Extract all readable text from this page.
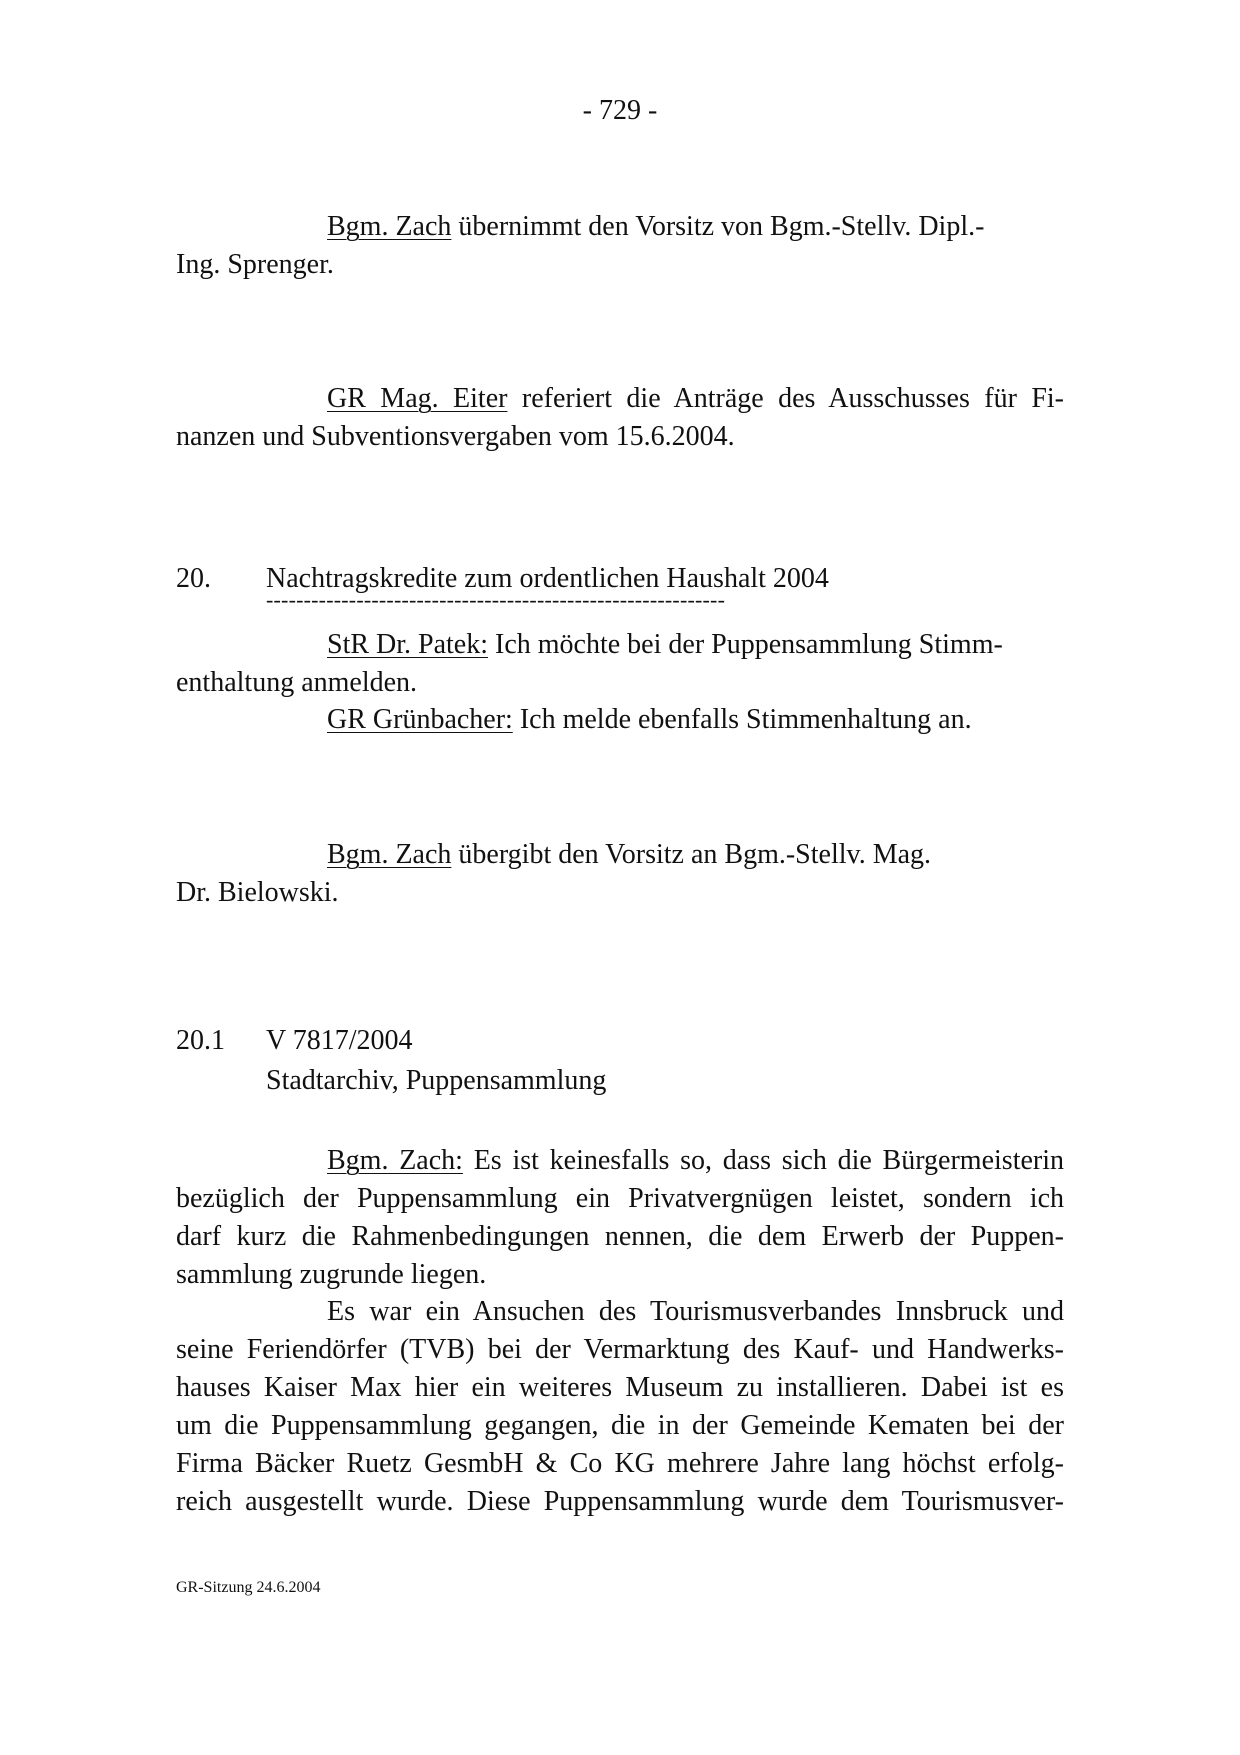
- 729 -
Bgm. Zach übernimmt den Vorsitz von Bgm.-Stellv. Dipl.-
Ing. Sprenger.
GR Mag. Eiter referiert die Anträge des Ausschusses für Fi-
nanzen und Subventionsvergaben vom 15.6.2004.
20. Nachtragskredite zum ordentlichen Haushalt 2004
-------------------------------------------------------------
StR Dr. Patek: Ich möchte bei der Puppensammlung Stimm-
enthaltung anmelden.
GR Grünbacher: Ich melde ebenfalls Stimmenhaltung an.
Bgm. Zach übergibt den Vorsitz an Bgm.-Stellv. Mag.
Dr. Bielowski.
20.1 V 7817/2004
Stadtarchiv, Puppensammlung
Bgm. Zach: Es ist keinesfalls so, dass sich die Bürgermeisterin
bezüglich der Puppensammlung ein Privatvergnügen leistet, sondern ich
darf kurz die Rahmenbedingungen nennen, die dem Erwerb der Puppen-
sammlung zugrunde liegen.
Es war ein Ansuchen des Tourismusverbandes Innsbruck und
seine Feriendörfer (TVB) bei der Vermarktung des Kauf- und Handwerks-
hauses Kaiser Max hier ein weiteres Museum zu installieren. Dabei ist es
um die Puppensammlung gegangen, die in der Gemeinde Kematen bei der
Firma Bäcker Ruetz GesmbH & Co KG mehrere Jahre lang höchst erfolg-
reich ausgestellt wurde. Diese Puppensammlung wurde dem Tourismusver-
GR-Sitzung 24.6.2004
